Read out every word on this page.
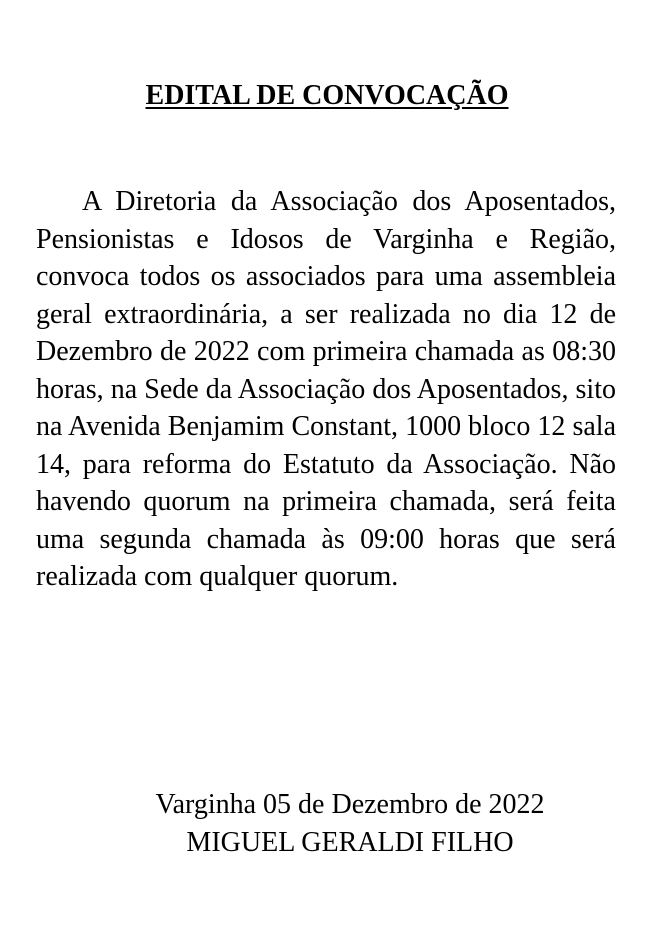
EDITAL DE CONVOCAÇÃO

A Diretoria da Associação dos Aposentados, Pensionistas e Idosos de Varginha e Região, convoca todos os associados para uma assembleia geral extraordinária, a ser realizada no dia 12 de Dezembro de 2022 com primeira chamada as 08:30 horas, na Sede da Associação dos Aposentados, sito na Avenida Benjamim Constant, 1000 bloco 12 sala 14, para reforma do Estatuto da Associação. Não havendo quorum na primeira chamada, será feita uma segunda chamada às 09:00 horas que será realizada com qualquer quorum.

Varginha 05 de Dezembro de 2022
MIGUEL GERALDI FILHO
